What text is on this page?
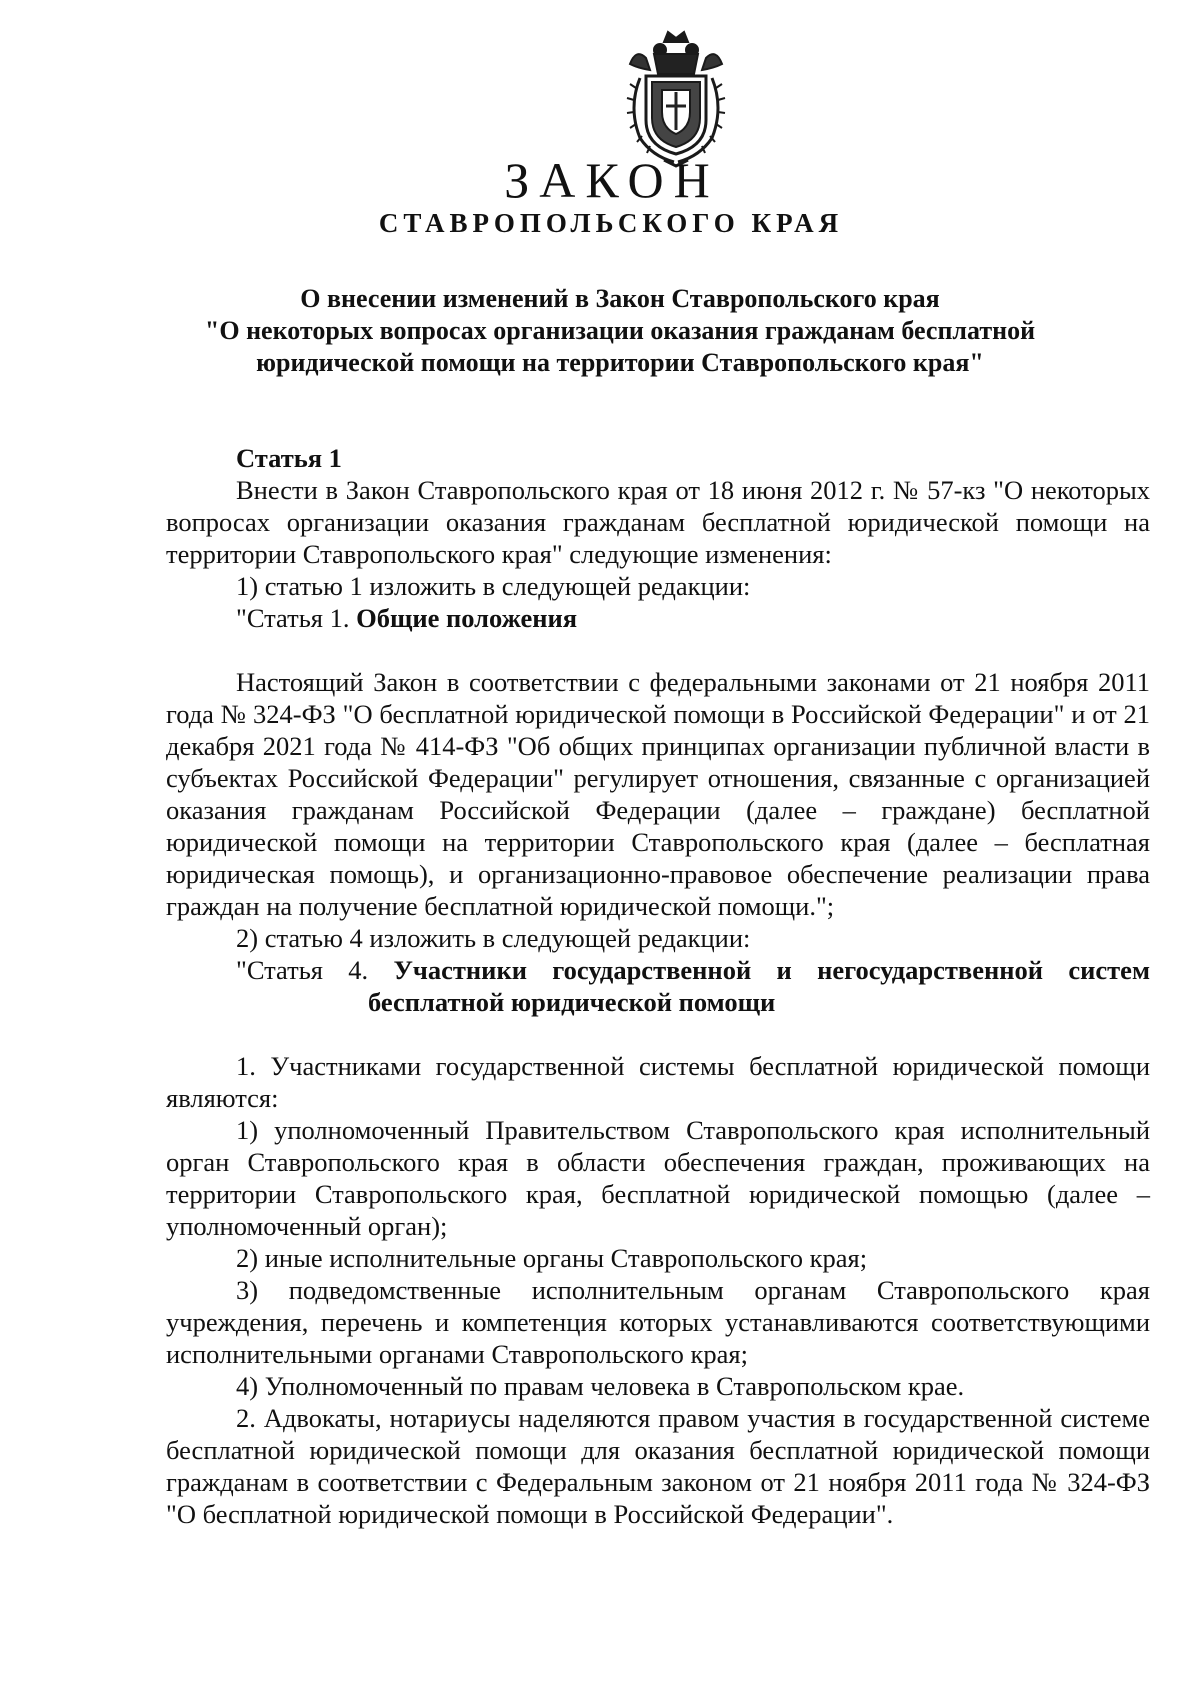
ЗАКОН
СТАВРОПОЛЬСКОГО КРАЯ
О внесении изменений в Закон Ставропольского края
"О некоторых вопросах организации оказания гражданам бесплатной
юридической помощи на территории Ставропольского края"

Статья 1

Внести в Закон Ставропольского края от 18 июня 2012 г. № 57-кз "О некоторых вопросах организации оказания гражданам бесплатной юридической помощи на территории Ставропольского края" следующие изменения:

1) статью 1 изложить в следующей редакции:

"Статья 1. Общие положения

Настоящий Закон в соответствии с федеральными законами от 21 ноября 2011 года № 324-ФЗ "О бесплатной юридической помощи в Российской Федерации" и от 21 декабря 2021 года № 414-ФЗ "Об общих принципах организации публичной власти в субъектах Российской Федерации" регулирует отношения, связанные с организацией оказания гражданам Российской Федерации (далее – граждане) бесплатной юридической помощи на территории Ставропольского края (далее – бесплатная юридическая помощь), и организационно-правовое обеспечение реализации права граждан на получение бесплатной юридической помощи.";

2) статью 4 изложить в следующей редакции:

"Статья 4. Участники государственной и негосударственной систем бесплатной юридической помощи

1. Участниками государственной системы бесплатной юридической помощи являются:

1) уполномоченный Правительством Ставропольского края исполнительный орган Ставропольского края в области обеспечения граждан, проживающих на территории Ставропольского края, бесплатной юридической помощью (далее – уполномоченный орган);

2) иные исполнительные органы Ставропольского края;

3) подведомственные исполнительным органам Ставропольского края учреждения, перечень и компетенция которых устанавливаются соответствующими исполнительными органами Ставропольского края;

4) Уполномоченный по правам человека в Ставропольском крае.

2. Адвокаты, нотариусы наделяются правом участия в государственной системе бесплатной юридической помощи для оказания бесплатной юридической помощи гражданам в соответствии с Федеральным законом от 21 ноября 2011 года № 324-ФЗ "О бесплатной юридической помощи в Российской Федерации".
